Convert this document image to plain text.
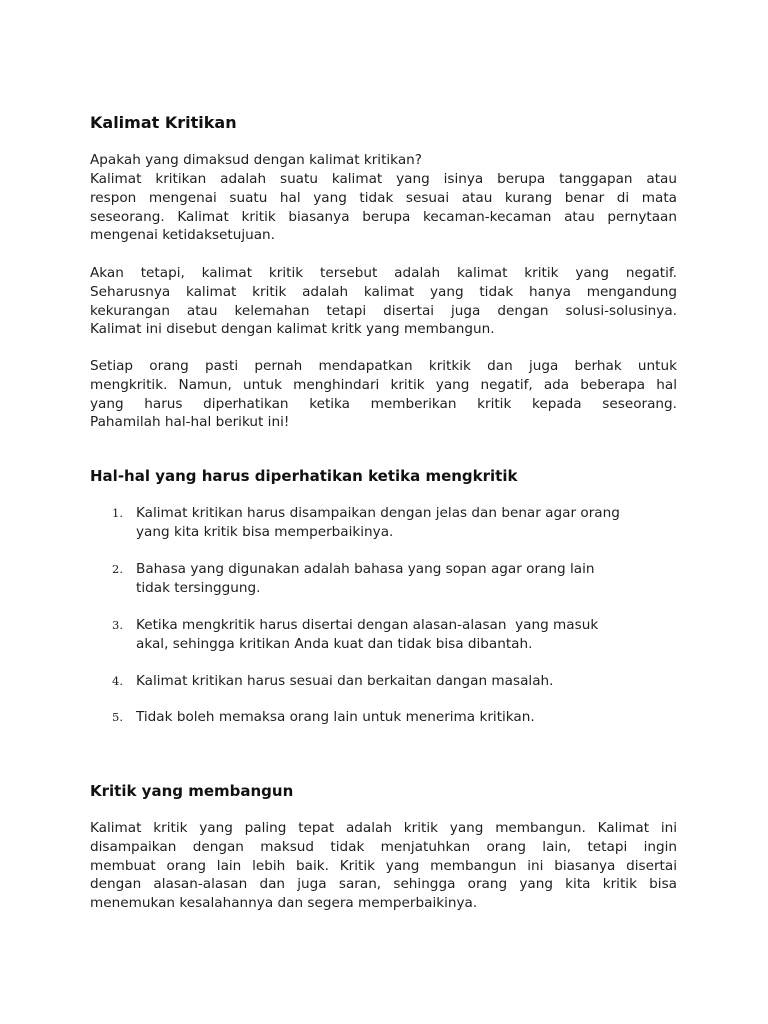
Kalimat Kritikan
Apakah yang dimaksud dengan kalimat kritikan?
Kalimat kritikan adalah suatu kalimat yang isinya berupa tanggapan atau
respon mengenai suatu hal yang tidak sesuai atau kurang benar di mata
seseorang. Kalimat kritik biasanya berupa kecaman-kecaman atau pernytaan
mengenai ketidaksetujuan.
Akan tetapi, kalimat kritik tersebut adalah kalimat kritik yang negatif.
Seharusnya kalimat kritik adalah kalimat yang tidak hanya mengandung
kekurangan atau kelemahan tetapi disertai juga dengan solusi-solusinya.
Kalimat ini disebut dengan kalimat kritk yang membangun.
Setiap orang pasti pernah mendapatkan kritkik dan juga berhak untuk
mengkritik. Namun, untuk menghindari kritik yang negatif, ada beberapa hal
yang harus diperhatikan ketika memberikan kritik kepada seseorang.
Pahamilah hal-hal berikut ini!
Hal-hal yang harus diperhatikan ketika mengkritik
1. Kalimat kritikan harus disampaikan dengan jelas dan benar agar orang
yang kita kritik bisa memperbaikinya.
2. Bahasa yang digunakan adalah bahasa yang sopan agar orang lain
tidak tersinggung.
3. Ketika mengkritik harus disertai dengan alasan-alasan  yang masuk
akal, sehingga kritikan Anda kuat dan tidak bisa dibantah.
4. Kalimat kritikan harus sesuai dan berkaitan dangan masalah.
5. Tidak boleh memaksa orang lain untuk menerima kritikan.
Kritik yang membangun
Kalimat kritik yang paling tepat adalah kritik yang membangun. Kalimat ini
disampaikan dengan maksud tidak menjatuhkan orang lain, tetapi ingin
membuat orang lain lebih baik. Kritik yang membangun ini biasanya disertai
dengan alasan-alasan dan juga saran, sehingga orang yang kita kritik bisa
menemukan kesalahannya dan segera memperbaikinya.
